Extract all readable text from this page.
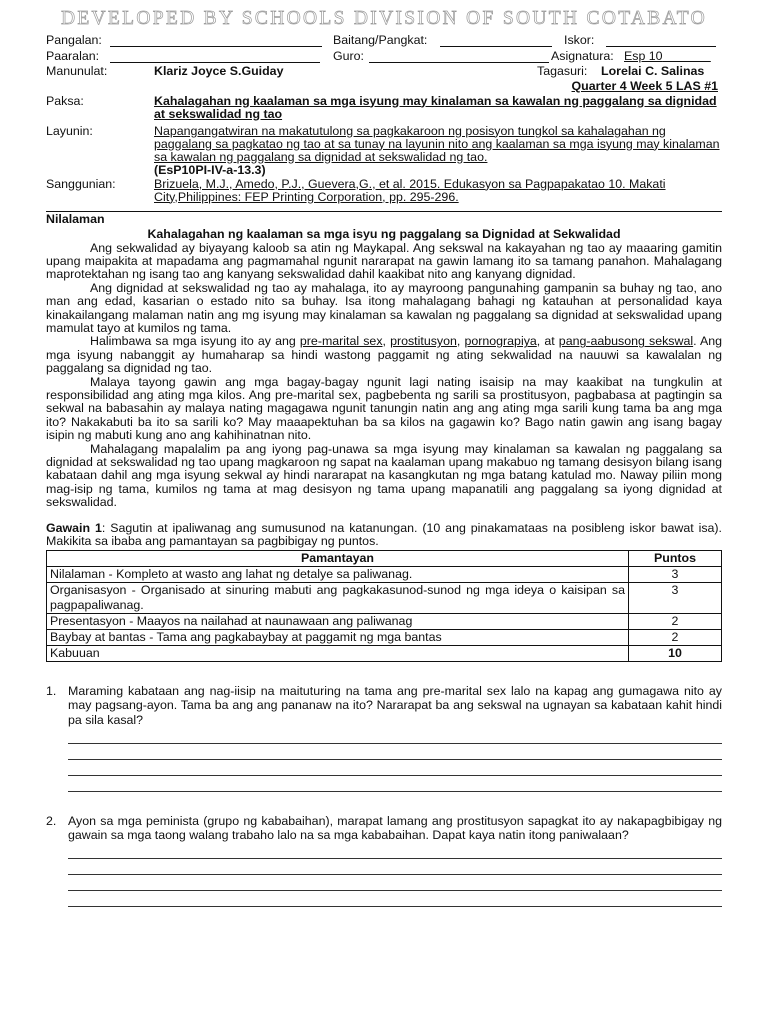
DEVELOPED BY SCHOOLS DIVISION OF SOUTH COTABATO
Pangalan:	Baitang/Pangkat:	Iskor:
Paaralan:	Guro:	Asignatura: Esp 10
Manunulat:	Klariz Joyce S.Guiday	Tagasuri: Lorelai C. Salinas
Quarter 4 Week 5 LAS #1
Paksa:	Kahalagahan ng kaalaman sa mga isyung may kinalaman sa kawalan ng paggalang sa dignidad at sekswalidad ng tao
Layunin:	Napangangatwiran na makatutulong sa pagkakaroon ng posisyon tungkol sa kahalagahan ng paggalang sa pagkatao ng tao at sa tunay na layunin nito ang kaalaman sa mga isyung may kinalaman sa kawalan ng paggalang sa dignidad at sekswalidad ng tao.
(EsP10PI-IV-a-13.3)
Sanggunian:	Brizuela, M.J., Amedo, P.J., Guevera,G., et al. 2015. Edukasyon sa Pagpapakatao 10. Makati City,Philippines: FEP Printing Corporation, pp. 295-296.
Nilalaman
Kahalagahan ng kaalaman sa mga isyu ng paggalang sa Dignidad at Sekwalidad

Ang sekwalidad ay biyayang kaloob sa atin ng Maykapal. Ang sekswal na kakayahan ng tao ay maaaring gamitin upang maipakita at mapadama ang pagmamahal ngunit nararapat na gawin lamang ito sa tamang panahon. Mahalagang maprotektahan ng isang tao ang kanyang sekswalidad dahil kaakibat nito ang kanyang dignidad.

Ang dignidad at sekswalidad ng tao ay mahalaga, ito ay mayroong pangunahing gampanin sa buhay ng tao, ano man ang edad, kasarian o estado nito sa buhay. Isa itong mahalagang bahagi ng katauhan at personalidad kaya kinakailangang malaman natin ang mg isyung may kinalaman sa kawalan ng paggalang sa dignidad at sekswalidad upang mamulat tayo at kumilos ng tama.

Halimbawa sa mga isyung ito ay ang pre-marital sex, prostitusyon, pornograpiya, at pang-aabusong sekswal. Ang mga isyung nabanggit ay humaharap sa hindi wastong paggamit ng ating sekwalidad na nauuwi sa kawalalan ng paggalang sa dignidad ng tao.

Malaya tayong gawin ang mga bagay-bagay ngunit lagi nating isaisip na may kaakibat na tungkulin at responsibilidad ang ating mga kilos. Ang pre-marital sex, pagbebenta ng sarili sa prostitusyon, pagbabasa at pagtingin sa sekwal na babasahin ay malaya nating magagawa ngunit tanungin natin ang ang ating mga sarili kung tama ba ang mga ito? Nakakabuti ba ito sa sarili ko? May maaapektuhan ba sa kilos na gagawin ko? Bago natin gawin ang isang bagay isipin ng mabuti kung ano ang kahihinatnan nito.

Mahalagang mapalalim pa ang iyong pag-unawa sa mga isyung may kinalaman sa kawalan ng paggalang sa dignidad at sekswalidad ng tao upang magkaroon ng sapat na kaalaman upang makabuo ng tamang desisyon bilang isang kabataan dahil ang mga isyung sekwal ay hindi nararapat na kasangkutan ng mga batang katulad mo. Naway piliin mong mag-isip ng tama, kumilos ng tama at mag desisyon ng tama upang mapanatili ang paggalang sa iyong dignidad at sekswalidad.

Gawain 1: Sagutin at ipaliwanag ang sumusunod na katanungan. (10 ang pinakamataas na posibleng iskor bawat isa). Makikita sa ibaba ang pamantayan sa pagbibigay ng puntos.
Pamantayan	Puntos
Nilalaman - Kompleto at wasto ang lahat ng detalye sa paliwanag.	3
Organisasyon - Organisado at sinuring mabuti ang pagkakasunod-sunod ng mga ideya o kaisipan sa pagpapaliwanag.	3
Presentasyon - Maayos na nailahad at naunawaan ang paliwanag	2
Baybay at bantas - Tama ang pagkabaybay at paggamit ng mga bantas	2
Kabuuan	10
1. Maraming kabataan ang nag-iisip na maituturing na tama ang pre-marital sex lalo na kapag ang gumagawa nito ay may pagsang-ayon. Tama ba ang ang pananaw na ito? Nararapat ba ang sekswal na ugnayan sa kabataan kahit hindi pa sila kasal?
2. Ayon sa mga peminista (grupo ng kababaihan), marapat lamang ang prostitusyon sapagkat ito ay nakapagbibigay ng gawain sa mga taong walang trabaho lalo na sa mga kababaihan. Dapat kaya natin itong paniwalaan?
